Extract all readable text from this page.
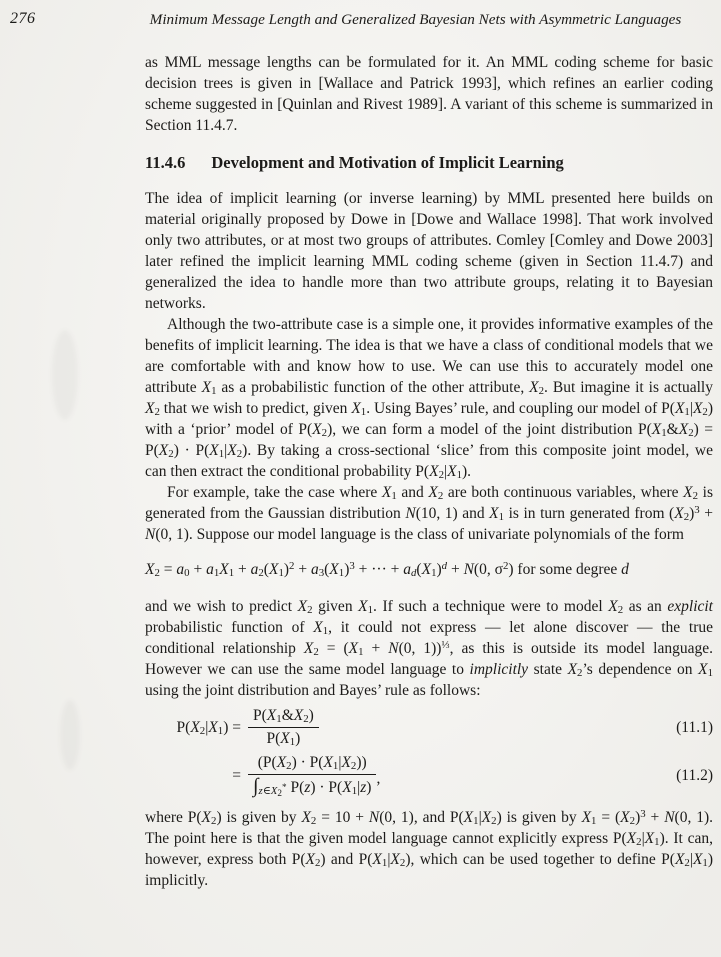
276	Minimum Message Length and Generalized Bayesian Nets with Asymmetric Languages

as MML message lengths can be formulated for it. An MML coding scheme for basic decision trees is given in [Wallace and Patrick 1993], which refines an earlier coding scheme suggested in [Quinlan and Rivest 1989]. A variant of this scheme is summarized in Section 11.4.7.

11.4.6 Development and Motivation of Implicit Learning

The idea of implicit learning (or inverse learning) by MML presented here builds on material originally proposed by Dowe in [Dowe and Wallace 1998]. That work involved only two attributes, or at most two groups of attributes. Comley [Comley and Dowe 2003] later refined the implicit learning MML coding scheme (given in Section 11.4.7) and generalized the idea to handle more than two attribute groups, relating it to Bayesian networks.

Although the two-attribute case is a simple one, it provides informative examples of the benefits of implicit learning. The idea is that we have a class of conditional models that we are comfortable with and know how to use. We can use this to accurately model one attribute $X_1$ as a probabilistic function of the other attribute, $X_2$. But imagine it is actually $X_2$ that we wish to predict, given $X_1$. Using Bayes’ rule, and coupling our model of $P(X_1|X_2)$ with a ‘prior’ model of $P(X_2)$, we can form a model of the joint distribution $P(X_1\&X_2) = P(X_2) \cdot P(X_1|X_2)$. By taking a cross-sectional ‘slice’ from this composite joint model, we can then extract the conditional probability $P(X_2|X_1)$.

For example, take the case where $X_1$ and $X_2$ are both continuous variables, where $X_2$ is generated from the Gaussian distribution N(10, 1) and $X_1$ is in turn generated from $(X_2)^3 + N(0$, 1). Suppose our model language is the class of univariate polynomials of the form

$X_2 = a_0 + a_1X_1 + a_2(X_1)^2 + a_3(X_1)^3$ + ··· + $a_d(X_1)^d + N(0$, $\sigma^2$) for some degree d

and we wish to predict $X_2$ given $X_1$. If such a technique were to model $X_2$ as an explicit probabilistic function of $X_1$, it could not express — let alone discover — the true conditional relationship $X_2 = (X_1 + N(0$, 1))$^{\frac{1}{3}}$, as this is outside its model language. However we can use the same model language to implicitly state $X_2’s$ dependence on $X_1$ using the joint distribution and Bayes’ rule as follows:

$P(X_2|X_1) = \frac{P(X_1\&X_2)}{P(X_1)}$	(11.1)
= $\frac{(P(X_2) \cdot P(X_1|X_2))}{\int_{z\in X_2^*} P(z) \cdot P(X_1|z)}$ ,	(11.2)

where $P(X_2)$ is given by $X_2 = 10 + N(0$, 1), and $P(X_1|X_2)$ is given by $X_1 = (X_2)^3 + N(0$, 1). The point here is that the given model language cannot explicitly express $P(X_2|X_1)$. It can, however, express both $P(X_2)$ and $P(X_1|X_2)$, which can be used together to define $P(X_2|X_1)$ implicitly.
